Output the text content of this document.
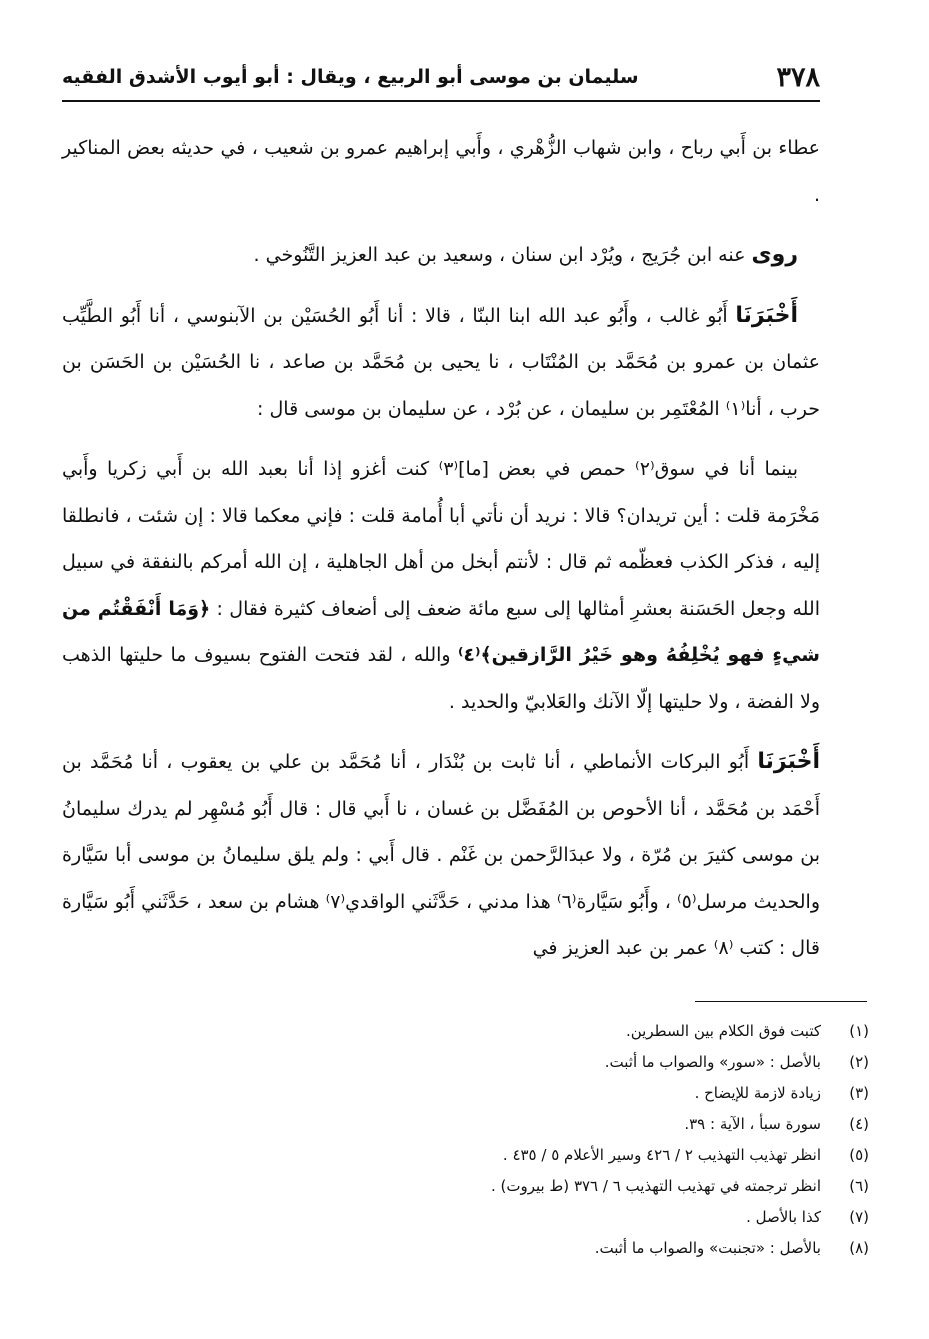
٣٧٨
سليمان بن موسى أبو الربيع ، ويقال : أبو أيوب الأشدق الفقيه

عطاء بن أَبي رباح ، وابن شهاب الزُّهْري ، وأَبي إبراهيم عمرو بن شعيب ، في حديثه بعض المناكير .

روى عنه ابن جُرَيج ، ويُرْد ابن سنان ، وسعيد بن عبد العزيز التَّنُوخي .

أَخْبَرَنَا أَبُو غالب ، وأَبُو عبد الله ابنا البنّا ، قالا : أنا أَبُو الحُسَيْن بن الآبنوسي ، أنا أَبُو الطَّيِّب عثمان بن عمرو بن مُحَمَّد بن المُنْتَاب ، نا يحيى بن مُحَمَّد بن صاعد ، نا الحُسَيْن بن الحَسَن بن حرب ، أنا⁽١⁾ المُعْتَمِر بن سليمان ، عن بُرْد ، عن سليمان بن موسى قال :

بينما أنا في سوق⁽٢⁾ حمص في بعض [ما]⁽٣⁾ كنت أغزو إذا أنا بعبد الله بن أَبي زكريا وأَبي مَخْرَمة قلت : أين تريدان؟ قالا : نريد أن نأتي أبا أُمامة قلت : فإني معكما قالا : إن شئت ، فانطلقا إليه ، فذكر الكذب فعظّمه ثم قال : لأنتم أبخل من أهل الجاهلية ، إن الله أمركم بالنفقة في سبيل الله وجعل الحَسَنة بعشرِ أمثالها إلى سبع مائة ضعف إلى أضعاف كثيرة فقال : ﴿وَمَا أَنْفَقْتُم من شيءٍ فهو يُخْلِفُهُ وهو خَيْرُ الرَّازقين﴾⁽٤⁾ والله ، لقد فتحت الفتوح بسيوف ما حليتها الذهب ولا الفضة ، ولا حليتها إلّا الآنك والعَلابيّ والحديد .

أَخْبَرَنَا أَبُو البركات الأنماطي ، أنا ثابت بن بُنْدَار ، أنا مُحَمَّد بن علي بن يعقوب ، أنا مُحَمَّد بن أَحْمَد بن مُحَمَّد ، أنا الأحوص بن المُفَضَّل بن غسان ، نا أَبي قال : قال أَبُو مُسْهِر لم يدرك سليمانُ بن موسى كثيرَ بن مُرّة ، ولا عبدَالرَّحمن بن غَنْم . قال أَبي : ولم يلق سليمانُ بن موسى أبا سَيَّارة والحديث مرسل⁽٥⁾ ، وأَبُو سَيَّارة⁽٦⁾ هذا مدني ، حَدَّثَني الواقدي⁽٧⁾ هشام بن سعد ، حَدَّثَني أَبُو سَيَّارة قال : كتب ⁽٨⁾ عمر بن عبد العزيز في

(١)
كتبت فوق الكلام بين السطرين.
(٢)
بالأصل : «سور» والصواب ما أثبت.
(٣)
زيادة لازمة للإيضاح .
(٤)
سورة سبأ ، الآية : ٣٩.
(٥)
انظر تهذيب التهذيب ٢ / ٤٢٦ وسير الأعلام ٥ / ٤٣٥ .
(٦)
انظر ترجمته في تهذيب التهذيب ٦ / ٣٧٦ (ط بيروت) .
(٧)
كذا بالأصل .
(٨)
بالأصل : «تجنبت» والصواب ما أثبت.
